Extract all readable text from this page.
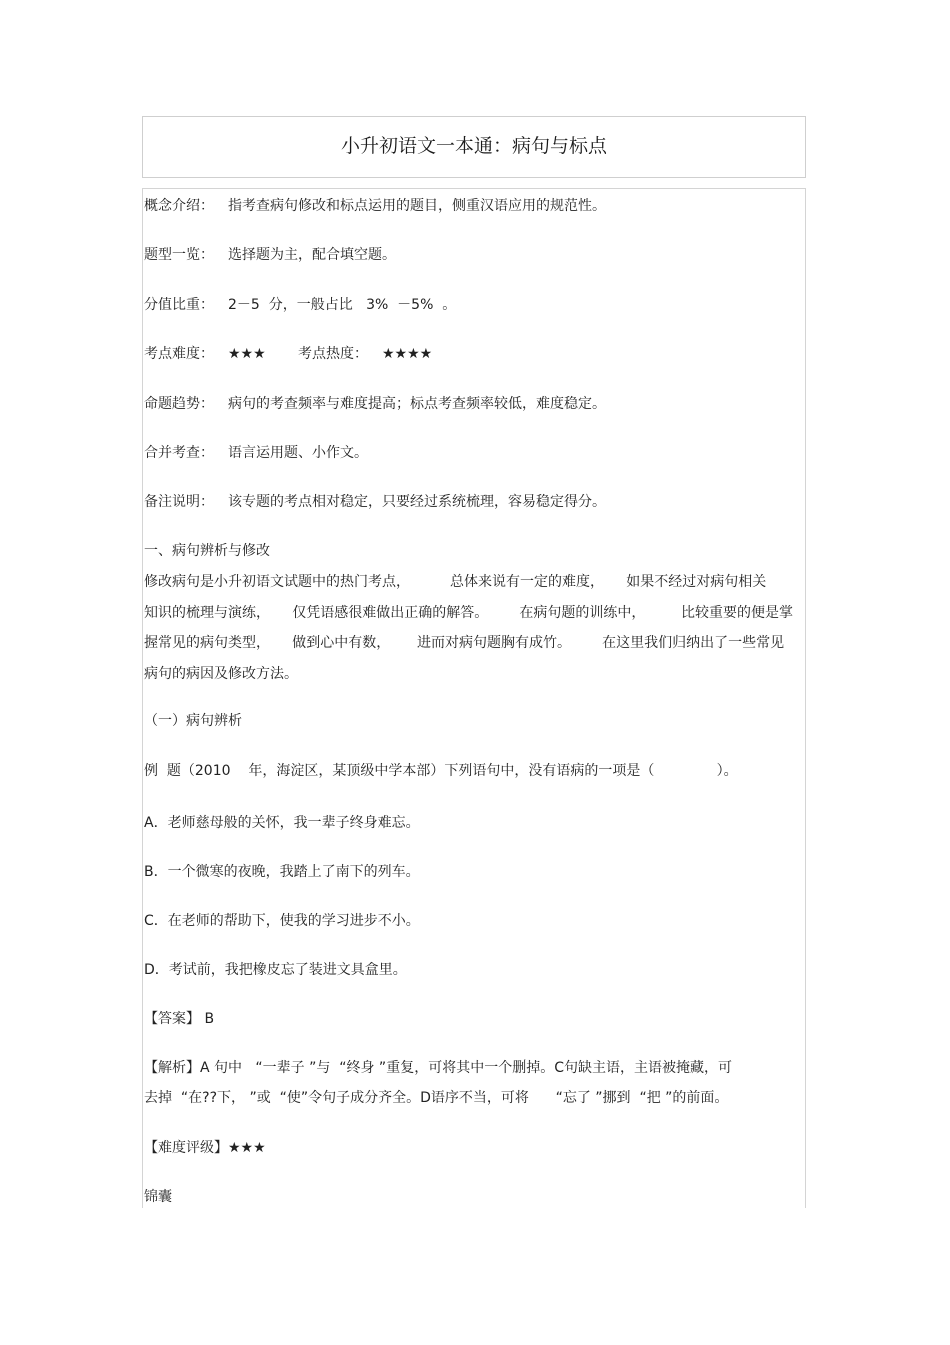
小升初语文一本通：病句与标点
概念介绍： 指考查病句修改和标点运用的题目，侧重汉语应用的规范性。
题型一览： 选择题为主，配合填空题。
分值比重： 2－5  分，一般占比   3%  －5%  。
考点难度： ★★★ 考点热度： ★★★★
命题趋势： 病句的考查频率与难度提高；标点考查频率较低，难度稳定。
合并考查： 语言运用题、小作文。
备注说明： 该专题的考点相对稳定，只要经过系统梳理，容易稳定得分。
一、病句辨析与修改
修改病句是小升初语文试题中的热门考点，         总体来说有一定的难度，     如果不经过对病句相关
知识的梳理与演练，     仅凭语感很难做出正确的解答。       在病句题的训练中，        比较重要的便是掌
握常见的病句类型，     做到心中有数，      进而对病句题胸有成竹。       在这里我们归纳出了一些常见
病句的病因及修改方法。
（一）病句辨析
例  题（2010    年，海淀区，某顶级中学本部）下列语句中，没有语病的一项是（              ）。
A．老师慈母般的关怀，我一辈子终身难忘。
B．一个微寒的夜晚，我踏上了南下的列车。
C．在老师的帮助下，使我的学习进步不小。
D．考试前，我把橡皮忘了装进文具盒里。
【答案】 B
【解析】A 句中   “一辈子 ”与  “终身 ”重复，可将其中一个删掉。C句缺主语，主语被掩藏，可
去掉  “在??下， ”或  “使”令句子成分齐全。D语序不当，可将      “忘了 ”挪到  “把 ”的前面。
【难度评级】★★★
锦囊
